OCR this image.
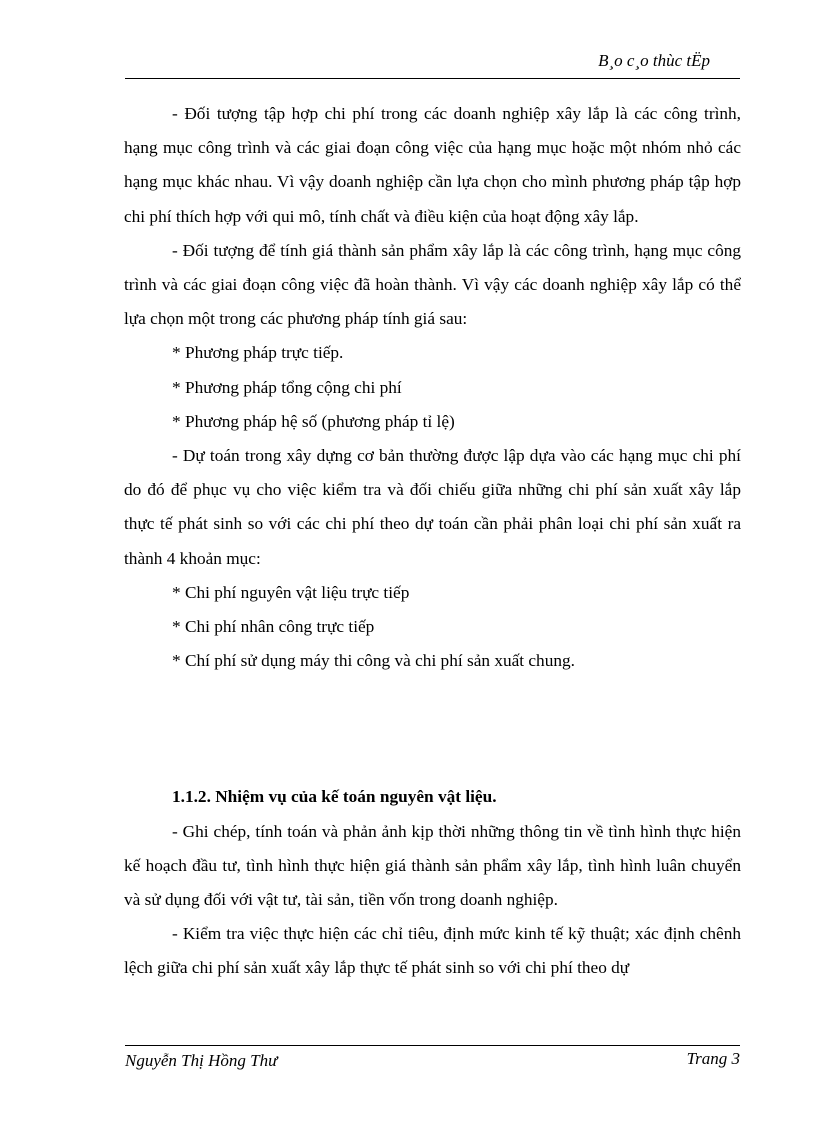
B¸o c¸o thùc tËp

- Đối tượng tập hợp chi phí trong các doanh nghiệp xây lắp là các công trình, hạng mục công trình và các giai đoạn công việc của hạng mục hoặc một nhóm nhỏ các hạng mục khác nhau. Vì vậy doanh nghiệp cần lựa chọn cho mình phương pháp tập hợp chi phí thích hợp với qui mô, tính chất và điều kiện của hoạt động xây lắp.

- Đối tượng để tính giá thành sản phẩm xây lắp là các công trình, hạng mục công trình và các giai đoạn công việc đã hoàn thành. Vì vậy các doanh nghiệp xây lắp có thể lựa chọn một trong các phương pháp tính giá sau:

* Phương pháp trực tiếp.

* Phương pháp tổng cộng chi phí

* Phương pháp hệ số (phương pháp tỉ lệ)

- Dự toán trong xây dựng cơ bản thường được lập dựa vào các hạng mục chi phí do đó để phục vụ cho việc kiểm tra và đối chiếu giữa những chi phí sản xuất xây lắp thực tế phát sinh so với các chi phí theo dự toán cần phải phân loại chi phí sản xuất ra thành 4 khoản mục:

* Chi phí nguyên vật liệu trực tiếp

* Chi phí nhân công trực tiếp

* Chí phí sử dụng máy thi công và chi phí sản xuất chung.

1.1.2. Nhiệm vụ của kế toán nguyên vật liệu.

- Ghi chép, tính toán và phản ảnh kịp thời những thông tin về tình hình thực hiện kế hoạch đầu tư, tình hình thực hiện giá thành sản phẩm xây lắp, tình hình luân chuyển và sử dụng đối với vật tư, tài sản, tiền vốn trong doanh nghiệp.

- Kiểm tra việc thực hiện các chỉ tiêu, định mức kinh tế kỹ thuật; xác định chênh lệch giữa chi phí sản xuất xây lắp thực tế phát sinh so với chi phí theo dự

Nguyễn Thị Hồng Thư	Trang 3
